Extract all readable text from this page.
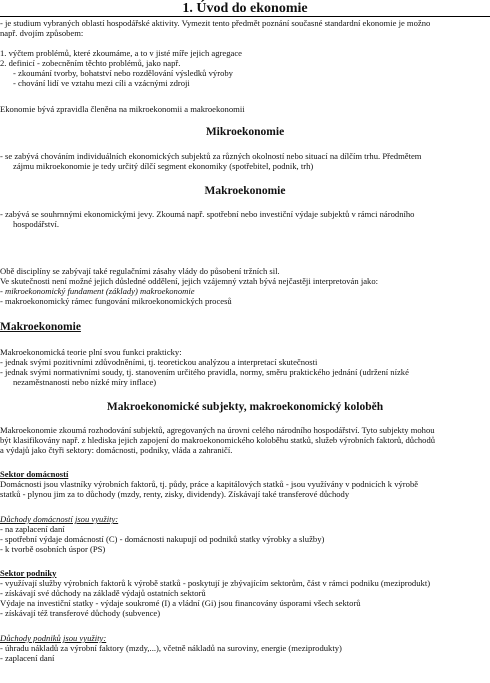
1. Úvod do ekonomie
- je studium vybraných oblastí hospodářské aktivity. Vymezit tento předmět poznání současné standardní ekonomie je možno
např. dvojím způsobem:
1. výčtem problémů, které zkoumáme, a to v jisté míře jejich agregace
2. definicí - zobecněním těchto problémů, jako např.
- zkoumání tvorby, bohatství nebo rozdělování výsledků výroby
- chování lidí ve vztahu mezi cíli a vzácnými zdroji
Ekonomie bývá zpravidla členěna na mikroekonomii a makroekonomii
Mikroekonomie
- se zabývá chováním individuálních ekonomických subjektů za různých okolností nebo situací na dílčím trhu. Předmětem
zájmu mikroekonomie je tedy určitý dílčí segment ekonomiky (spotřebitel, podnik, trh)
Makroekonomie
- zabývá se souhrnnými ekonomickými jevy. Zkoumá např. spotřební nebo investiční výdaje subjektů v rámci národního
hospodářství.
Obě disciplíny se zabývají také regulačními zásahy vlády do působení tržních sil.
Ve skutečnosti není možné jejich důsledné oddělení, jejich vzájemný vztah bývá nejčastěji interpretován jako:
- mikroekonomický fundament (základy) makroekonomie
- makroekonomický rámec fungování mikroekonomických procesů
Makroekonomie
Makroekonomická teorie plní svou funkci prakticky:
- jednak svými pozitivními zdůvodněními, tj. teoretickou analýzou a interpretací skutečnosti
- jednak svými normativními soudy, tj. stanovením určitého pravidla, normy, směru praktického jednání (udržení nízké
nezaměstnanosti nebo nízké míry inflace)
Makroekonomické subjekty, makroekonomický koloběh
Makroekonomie zkoumá rozhodování subjektů, agregovaných na úrovni celého národního hospodářství. Tyto subjekty mohou
být klasifikovány např. z hlediska jejich zapojení do makroekonomického koloběhu statků, služeb výrobních faktorů, důchodů
a výdajů jako čtyři sektory: domácnosti, podniky, vláda a zahraničí.
Sektor domácností
Domácnosti jsou vlastníky výrobních faktorů, tj. půdy, práce a kapitálových statků - jsou využívány v podnicích k výrobě
statků - plynou jim za to důchody (mzdy, renty, zisky, dividendy). Získávají také transferové důchody
Důchody domácností jsou využity:
- na zaplacení daní
- spotřební výdaje domácností (C) - domácnosti nakupují od podniků statky výrobky a služby)
- k tvorbě osobních úspor (PS)
Sektor podniky
- využívají služby výrobních faktorů k výrobě statků - poskytují je zbývajícím sektorům, část v rámci podniku (meziprodukt)
- získávají své důchody na základě výdajů ostatních sektorů
Výdaje na investiční statky - výdaje soukromé (I) a vládní (Gi) jsou financovány úsporami všech sektorů
- získávají též transferové důchody (subvence)
Důchody podniků jsou využity:
- úhradu nákladů za výrobní faktory (mzdy,...), včetně nákladů na suroviny, energie (meziprodukty)
- zaplacení daní
